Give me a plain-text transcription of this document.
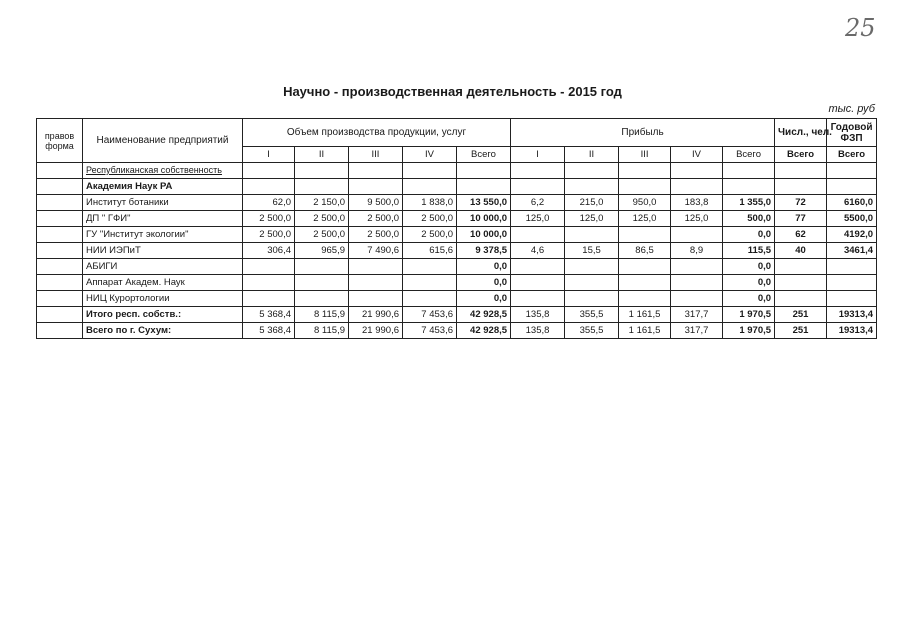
25
Научно - производственная деятельность - 2015 год
тыс. руб
правов форма	Наименование предприятий	Объем производства продукции, услуг					Прибыль					Числ., чел.	Годовой ФЗП
		I	II	III	IV	Всего	I	II	III	IV	Всего	Всего	Всего
	Республиканская собственность												
	Академия Наук РА												
	Институт ботаники	62,0	2 150,0	9 500,0	1 838,0	13 550,0	6,2	215,0	950,0	183,8	1 355,0	72	6160,0
	ДП " ГФИ"	2 500,0	2 500,0	2 500,0	2 500,0	10 000,0	125,0	125,0	125,0	125,0	500,0	77	5500,0
	ГУ "Институт экологии"	2 500,0	2 500,0	2 500,0	2 500,0	10 000,0					0,0	62	4192,0
	НИИ ИЭПиТ	306,4	965,9	7 490,6	615,6	9 378,5	4,6	15,5	86,5	8,9	115,5	40	3461,4
	АБИГИ					0,0					0,0		
	Аппарат Академ. Наук					0,0					0,0		
	НИЦ Курортологии					0,0					0,0		
	Итого респ. собств.:	5 368,4	8 115,9	21 990,6	7 453,6	42 928,5	135,8	355,5	1 161,5	317,7	1 970,5	251	19313,4
	Всего по г. Сухум:	5 368,4	8 115,9	21 990,6	7 453,6	42 928,5	135,8	355,5	1 161,5	317,7	1 970,5	251	19313,4
